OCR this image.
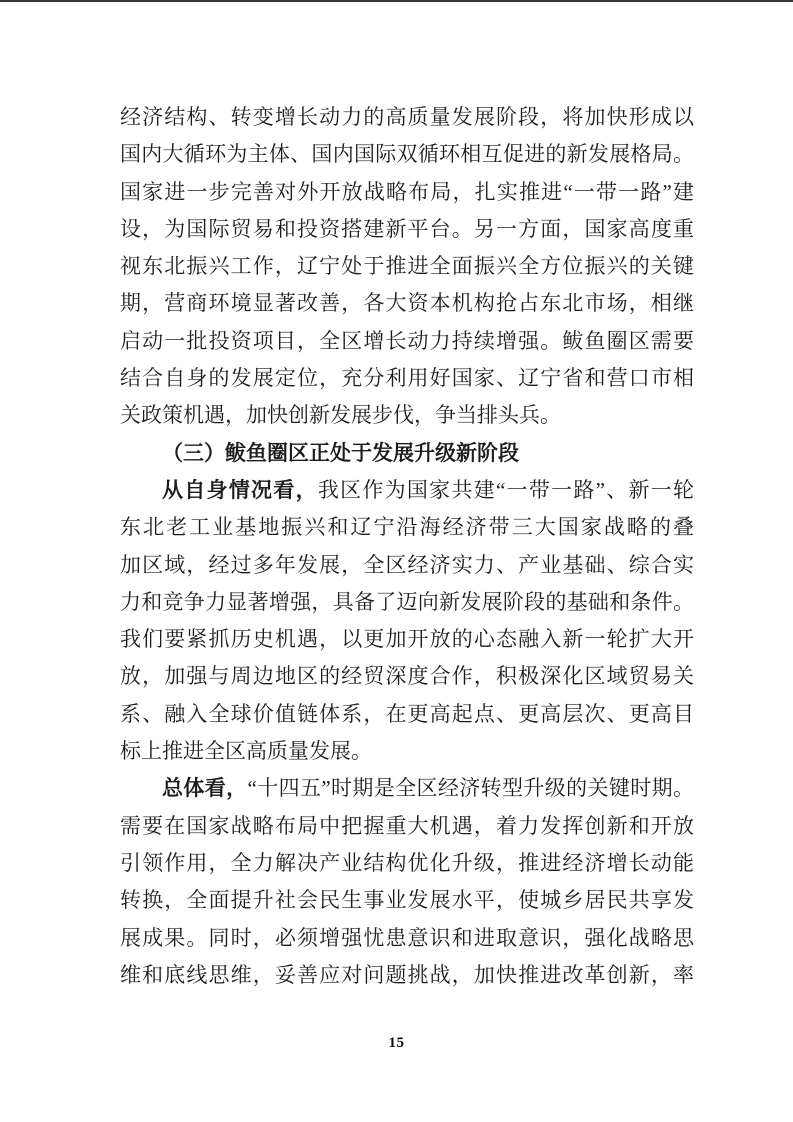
经济结构、转变增长动力的高质量发展阶段，将加快形成以
国内大循环为主体、国内国际双循环相互促进的新发展格局。
国家进一步完善对外开放战略布局，扎实推进“一带一路”建
设，为国际贸易和投资搭建新平台。另一方面，国家高度重
视东北振兴工作，辽宁处于推进全面振兴全方位振兴的关键
期，营商环境显著改善，各大资本机构抢占东北市场，相继
启动一批投资项目，全区增长动力持续增强。鲅鱼圈区需要
结合自身的发展定位，充分利用好国家、辽宁省和营口市相
关政策机遇，加快创新发展步伐，争当排头兵。
（三）鲅鱼圈区正处于发展升级新阶段
从自身情况看，我区作为国家共建“一带一路”、新一轮
东北老工业基地振兴和辽宁沿海经济带三大国家战略的叠
加区域，经过多年发展，全区经济实力、产业基础、综合实
力和竞争力显著增强，具备了迈向新发展阶段的基础和条件。
我们要紧抓历史机遇，以更加开放的心态融入新一轮扩大开
放，加强与周边地区的经贸深度合作，积极深化区域贸易关
系、融入全球价值链体系，在更高起点、更高层次、更高目
标上推进全区高质量发展。
总体看，“十四五”时期是全区经济转型升级的关键时期。
需要在国家战略布局中把握重大机遇，着力发挥创新和开放
引领作用，全力解决产业结构优化升级，推进经济增长动能
转换，全面提升社会民生事业发展水平，使城乡居民共享发
展成果。同时，必须增强忧患意识和进取意识，强化战略思
维和底线思维，妥善应对问题挑战，加快推进改革创新，率
15
